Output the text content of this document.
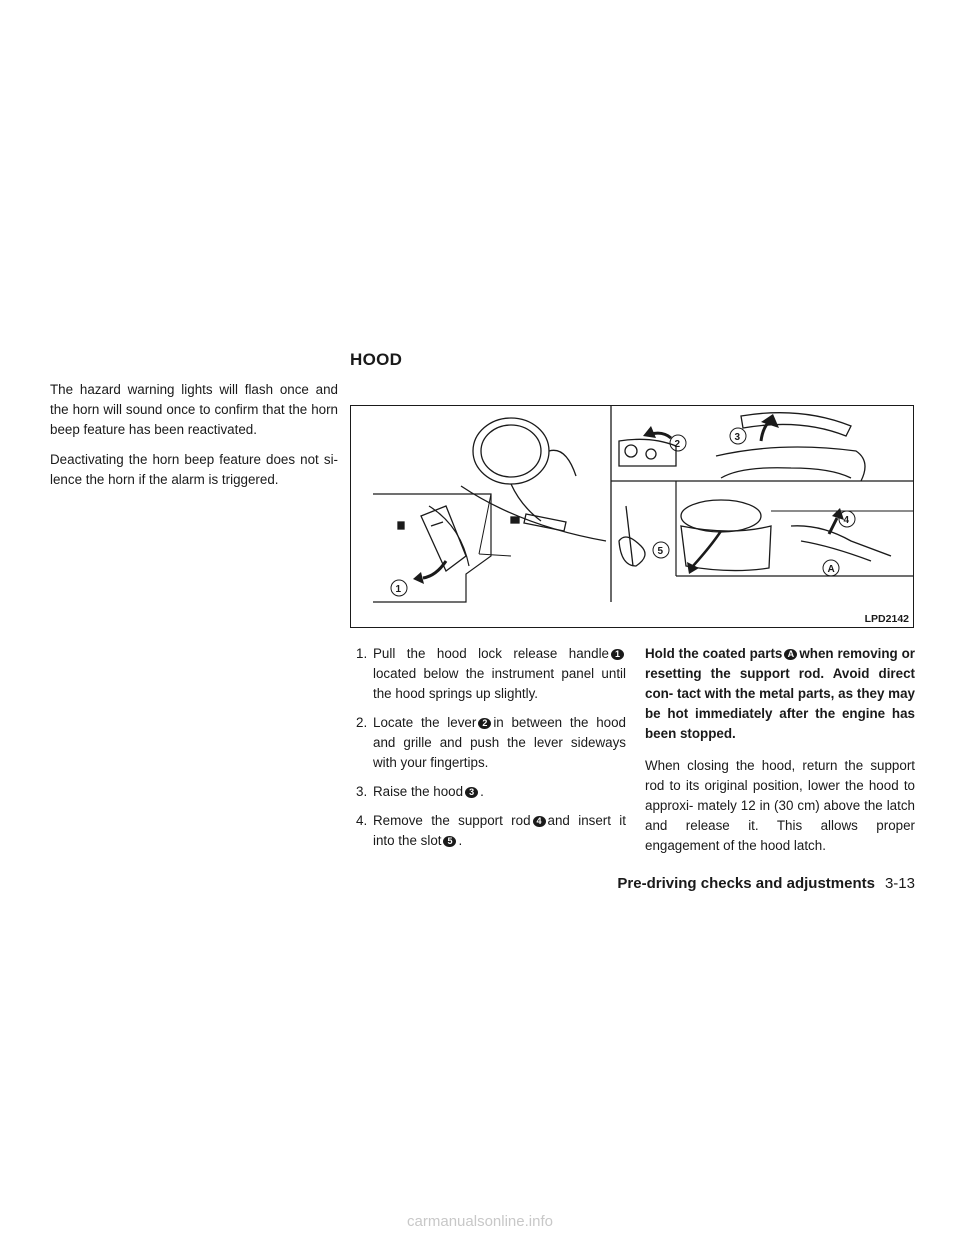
HOOD

The hazard warning lights will flash once and the horn will sound once to confirm that the horn beep feature has been reactivated.

Deactivating the horn beep feature does not si- lence the horn if the alarm is triggered.

1
2
3
4
5
A
LPD2142
1. Pull the hood lock release handle 1located below the instrument panel until the hood springs up slightly.
2. Locate the lever 2 in between the hood and grille and push the lever sideways with your fingertips.
3. Raise the hood 3 .
4. Remove the support rod 4 and insert it into the slot 5 .

Hold the coated parts A when removing or resetting the support rod. Avoid direct con- tact with the metal parts, as they may be hot immediately after the engine has been stopped.

When closing the hood, return the support rod to its original position, lower the hood to approxi- mately 12 in (30 cm) above the latch and release it. This allows proper engagement of the hood latch.

Pre-driving checks and adjustments 3-13
carmanualsonline.info
